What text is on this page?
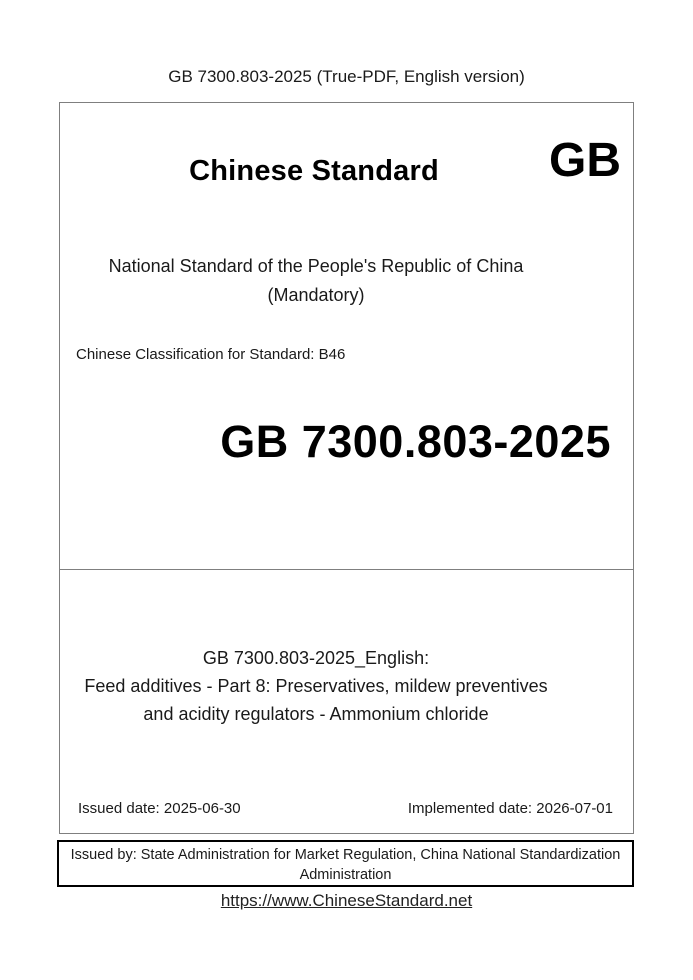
GB 7300.803-2025 (True-PDF, English version)
Chinese Standard	GB
National Standard of the People's Republic of China
(Mandatory)
Chinese Classification for Standard: B46
GB 7300.803-2025
GB 7300.803-2025_English:
Feed additives - Part 8: Preservatives, mildew preventives
and acidity regulators - Ammonium chloride
Issued date: 2025-06-30	Implemented date: 2026-07-01
Issued by: State Administration for Market Regulation, China National Standardization
Administration
https://www.ChineseStandard.net
